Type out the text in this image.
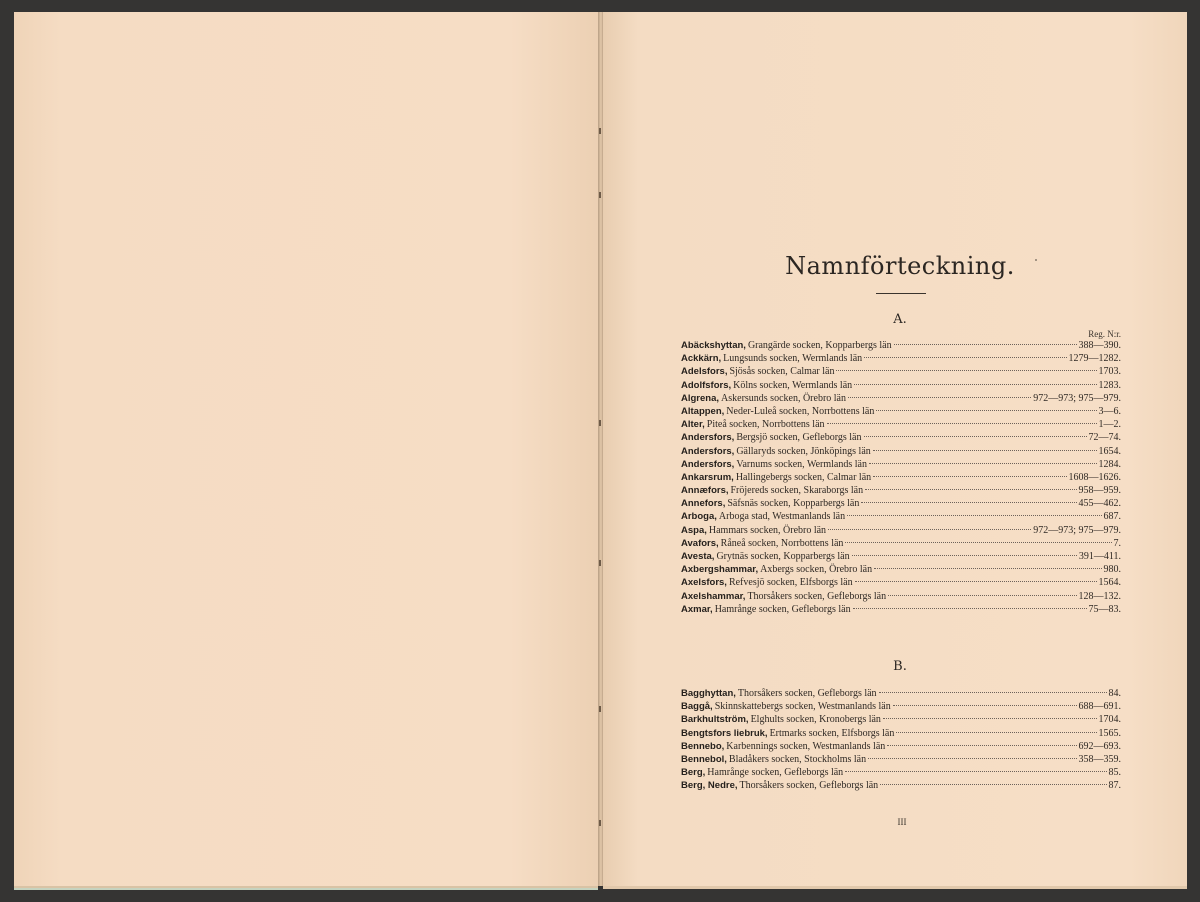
Namnförteckning.
A.
Reg. N:r.
Abäckshyttan, Grangärde socken, Kopparbergs län	388—390.
Ackkärn, Lungsunds socken, Wermlands län	1279—1282.
Adelsfors, Sjösås socken, Calmar län	1703.
Adolfsfors, Kölns socken, Wermlands län	1283.
Algrena, Askersunds socken, Örebro län	972—973; 975—979.
Altappen, Neder-Luleå socken, Norrbottens län	3—6.
Alter, Piteå socken, Norrbottens län	1—2.
Andersfors, Bergsjö socken, Gefleborgs län	72—74.
Andersfors, Gällaryds socken, Jönköpings län	1654.
Andersfors, Varnums socken, Wermlands län	1284.
Ankarsrum, Hallingebergs socken, Calmar län	1608—1626.
Annæfors, Fröjereds socken, Skaraborgs län	958—959.
Annefors, Säfsnäs socken, Kopparbergs län	455—462.
Arboga, Arboga stad, Westmanlands län	687.
Aspa, Hammars socken, Örebro län	972—973; 975—979.
Avafors, Råneå socken, Norrbottens län	7.
Avesta, Grytnäs socken, Kopparbergs län	391—411.
Axbergshammar, Axbergs socken, Örebro län	980.
Axelsfors, Refvesjö socken, Elfsborgs län	1564.
Axelshammar, Thorsåkers socken, Gefleborgs län	128—132.
Axmar, Hamrånge socken, Gefleborgs län	75—83.
B.
Bagghyttan, Thorsåkers socken, Gefleborgs län	84.
Baggå, Skinnskattebergs socken, Westmanlands län	688—691.
Barkhultström, Elghults socken, Kronobergs län	1704.
Bengtsfors liebruk, Ertmarks socken, Elfsborgs län	1565.
Bennebo, Karbennings socken, Westmanlands län	692—693.
Bennebol, Bladåkers socken, Stockholms län	358—359.
Berg, Hamrånge socken, Gefleborgs län	85.
Berg, Nedre, Thorsåkers socken, Gefleborgs län	87.
III
